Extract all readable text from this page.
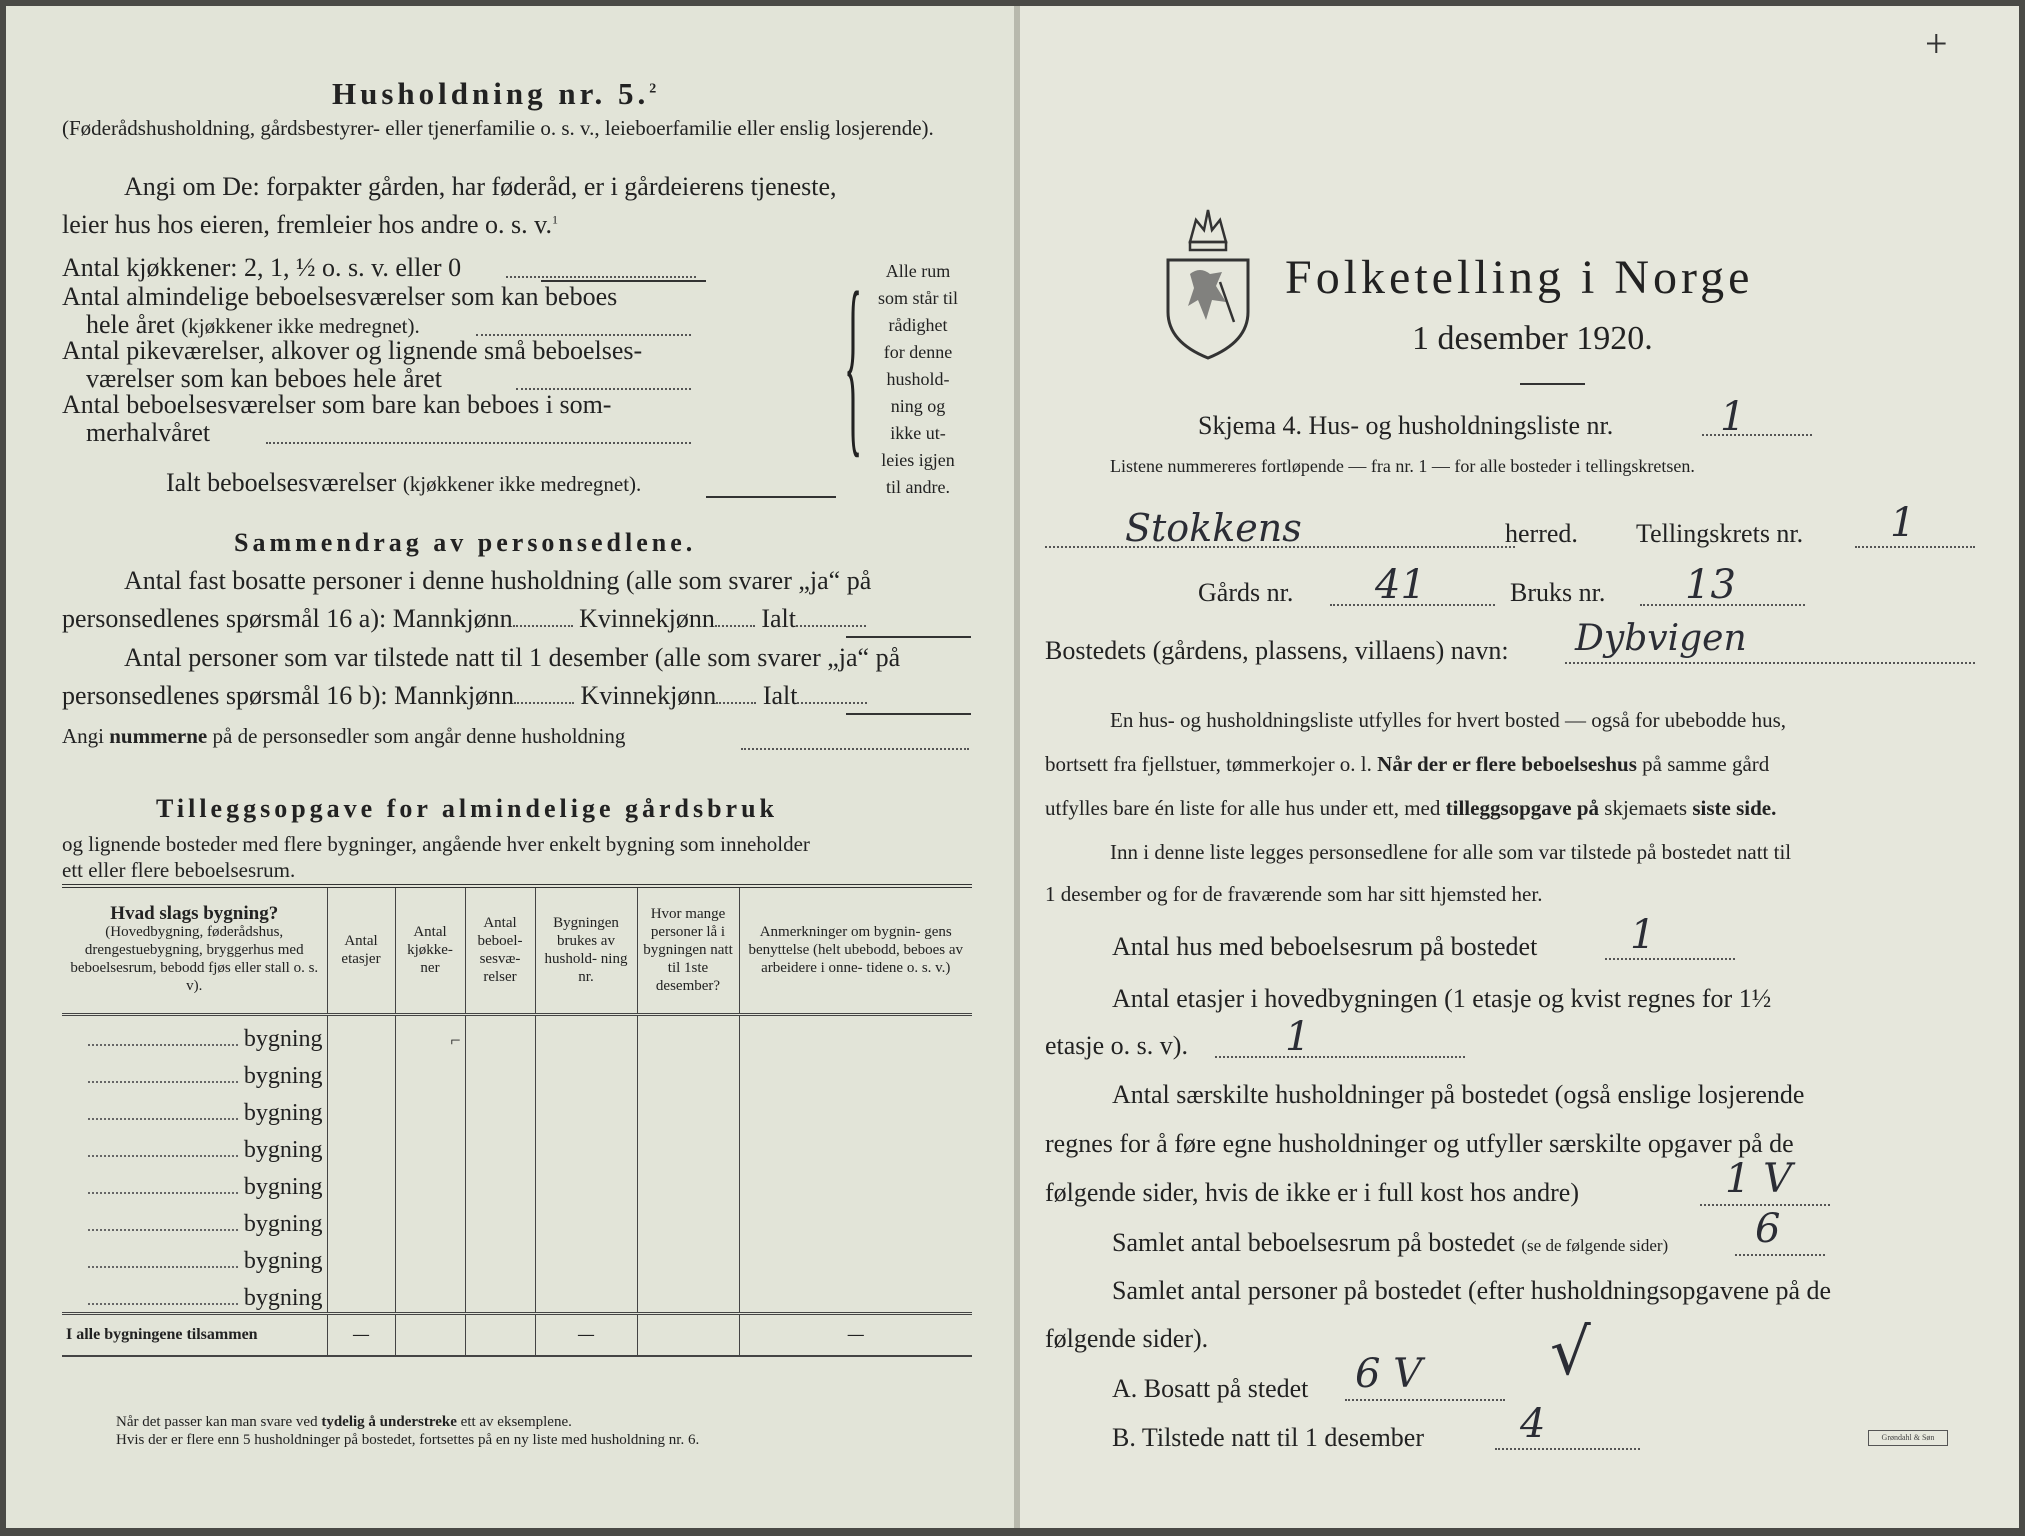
Husholdning nr. 5.$^2$
(Føderådshusholdning, gårdsbestyrer- eller tjenerfamilie o. s. v., leieboerfamilie eller enslig losjerende).
Angi om De: forpakter gården, har føderåd, er i gårdeierens tjeneste,
leier hus hos eieren, fremleier hos andre o. s. v.$^1$
Antal kjøkkener: 2, 1, ½ o. s. v. eller 0
Antal almindelige beboelsesværelser som kan beboes
hele året (kjøkkener ikke medregnet).
Antal pikeværelser, alkover og lignende små beboelses-
værelser som kan beboes hele året
Antal beboelsesværelser som bare kan beboes i som-
merhalvåret
Ialt beboelsesværelser (kjøkkener ikke medregnet).
{	Alle rum
som står til
rådighet
for denne
hushold-
ning og
ikke ut-
leies igjen
til andre.
Sammendrag av personsedlene.
Antal fast bosatte personer i denne husholdning (alle som svarer „ja“ på
personsedlenes spørsmål 16 a): Mannkjønn	Kvinnekjønn Ialt
Antal personer som var tilstede natt til 1 desember (alle som svarer „ja“ på
personsedlenes spørsmål 16 b): Mannkjønn	Kvinnekjønn Ialt
Angi nummerne på de personsedler som angår denne husholdning
Tilleggsopgave for almindelige gårdsbruk
og lignende bosteder med flere bygninger, angående hver enkelt bygning som inneholder
ett eller flere beboelsesrum.
Hvad slags bygning?
(Hovedbygning, føderådshus, drengestuebygning, bryggerhus med beboelsesrum, bebodd fjøs eller stall o. s. v).	Antal etasjer	Antal kjøkke- ner	Antal beboel- sesvæ- relser	Bygningen brukes av hushold- ning nr.	Hvor mange personer lå i bygningen natt til 1ste desember?	Anmerkninger om bygnin- gens benyttelse (helt ubebodd, beboes av arbeidere i onne- tidene o. s. v.)
bygning		⌐				
bygning						
bygning						
bygning						
bygning						
bygning						
bygning						
bygning						
I alle bygningene tilsammen	—			—		—
Når det passer kan man svare ved tydelig å understreke ett av eksemplene.
Hvis der er flere enn 5 husholdninger på bostedet, fortsettes på en ny liste med husholdning nr. 6.
+
Folketelling i Norge
1 desember 1920.
Skjema 4. Hus- og husholdningsliste nr.	1
Listene nummereres fortløpende — fra nr. 1 — for alle bosteder i tellingskretsen.
Stokkens	herred. Tellingskrets nr. 1
Gårds nr. 41	Bruks nr. 13
Bostedets (gårdens, plassens, villaens) navn: Dybvigen
En hus- og husholdningsliste utfylles for hvert bosted — også for ubebodde hus,
bortsett fra fjellstuer, tømmerkojer o. l. Når der er flere beboelseshus på samme gård
utfylles bare én liste for alle hus under ett, med tilleggsopgave på skjemaets siste side.
Inn i denne liste legges personsedlene for alle som var tilstede på bostedet natt til
1 desember og for de fraværende som har sitt hjemsted her.
Antal hus med beboelsesrum på bostedet 1
Antal etasjer i hovedbygningen (1 etasje og kvist regnes for 1½
etasje o. s. v). 1
Antal særskilte husholdninger på bostedet (også enslige losjerende
regnes for å føre egne husholdninger og utfyller særskilte opgaver på de
følgende sider, hvis de ikke er i full kost hos andre)	1 V
Samlet antal beboelsesrum på bostedet (se de følgende sider) 6
Samlet antal personer på bostedet (efter husholdningsopgavene på de
følgende sider).
A. Bosatt på stedet 6 V √
B. Tilstede natt til 1 desember 4	Grøndahl & Søn
